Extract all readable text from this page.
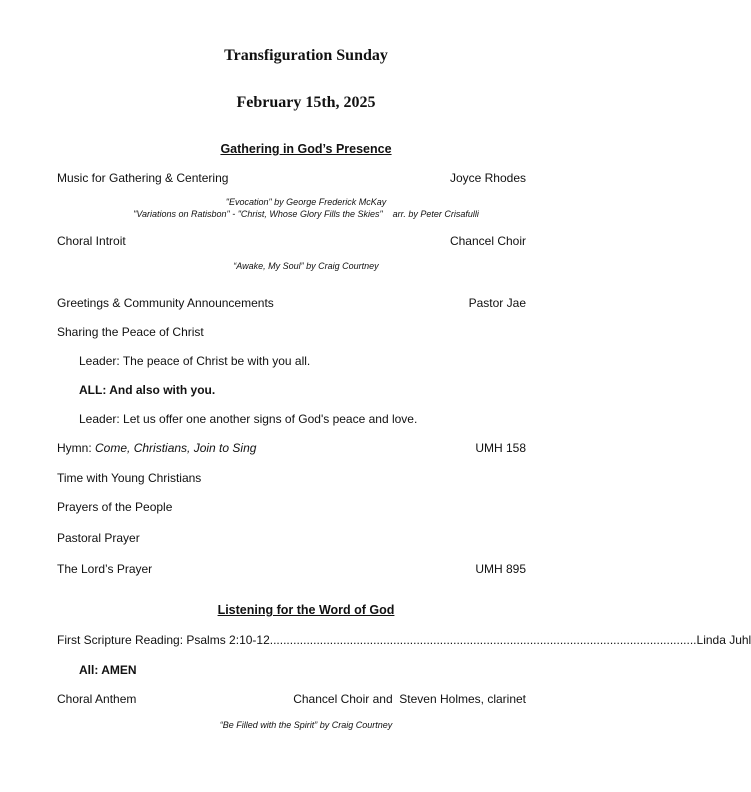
Transfiguration Sunday
February 15th, 2025
Gathering in God’s Presence
Music for Gathering & Centering	Joyce Rhodes
"Evocation" by George Frederick McKay
"Variations on Ratisbon" - "Christ, Whose Glory Fills the Skies"    arr. by Peter Crisafulli
Choral Introit	Chancel Choir
“Awake, My Soul” by Craig Courtney
Greetings & Community Announcements	Pastor Jae
Sharing the Peace of Christ
Leader: The peace of Christ be with you all.
ALL: And also with you.
Leader: Let us offer one another signs of God's peace and love.
Hymn: Come, Christians, Join to Sing	UMH 158
Time with Young Christians
Prayers of the People
Pastoral Prayer
The Lord’s Prayer	UMH 895
Listening for the Word of God
First Scripture Reading: Psalms 2:10-12 ................................................................................................................................ Linda Juhl
All: AMEN
Choral Anthem	Chancel Choir and  Steven Holmes, clarinet
“Be Filled with the Spirit” by Craig Courtney
